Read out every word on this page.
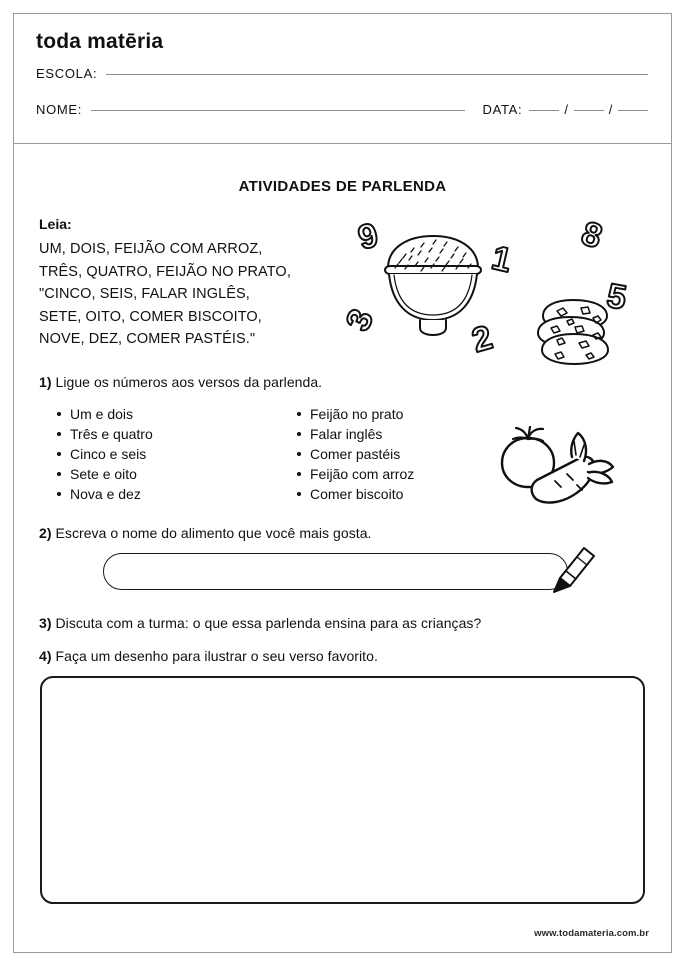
toda matēria
ESCOLA:
NOME:	DATA:	/	/
ATIVIDADES DE PARLENDA
Leia:
UM, DOIS, FEIJÃO COM ARROZ,
TRÊS, QUATRO, FEIJÃO NO PRATO,
"CINCO, SEIS, FALAR INGLÊS,
SETE, OITO, COMER BISCOITO,
NOVE, DEZ, COMER PASTÉIS."
9
3
1
2
8
5
1) Ligue os números aos versos da parlenda.
Um e dois
Três e quatro
Cinco e seis
Sete e oito
Nova e dez
Feijão no prato
Falar inglês
Comer pastéis
Feijão com arroz
Comer biscoito
2) Escreva o nome do alimento que você mais gosta.
3) Discuta com a turma: o que essa parlenda ensina para as crianças?
4) Faça um desenho para ilustrar o seu verso favorito.
www.todamateria.com.br
